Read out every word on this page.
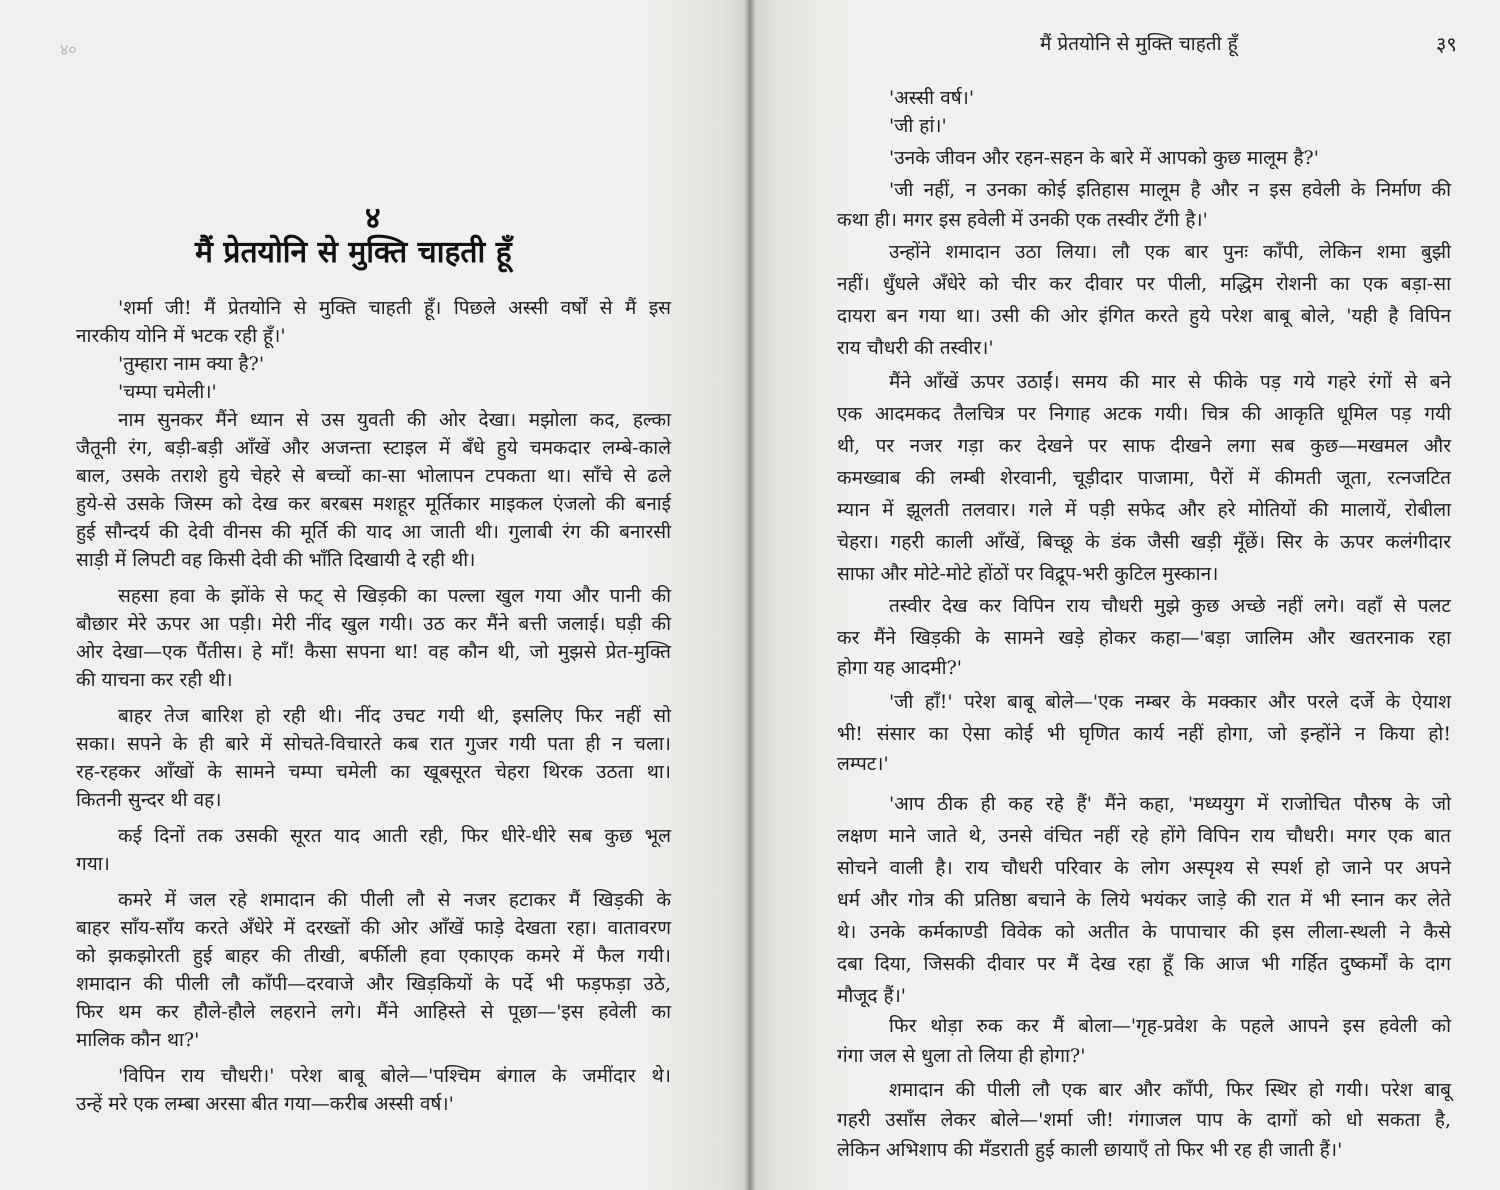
४०
४
मैं प्रेतयोनि से मुक्ति चाहती हूँ
'शर्मा जी! मैं प्रेतयोनि से मुक्ति चाहती हूँ। पिछले अस्सी वर्षों से मैं इस
नारकीय योनि में भटक रही हूँ।'
'तुम्हारा नाम क्या है?'
'चम्पा चमेली।'
नाम सुनकर मैंने ध्यान से उस युवती की ओर देखा। मझोला कद, हल्का
जैतूनी रंग, बड़ी-बड़ी आँखें और अजन्ता स्टाइल में बँधे हुये चमकदार लम्बे-काले
बाल, उसके तराशे हुये चेहरे से बच्चों का-सा भोलापन टपकता था। साँचे से ढले
हुये-से उसके जिस्म को देख कर बरबस मशहूर मूर्तिकार माइकल एंजलो की बनाई
हुई सौन्दर्य की देवी वीनस की मूर्ति की याद आ जाती थी। गुलाबी रंग की बनारसी
साड़ी में लिपटी वह किसी देवी की भाँति दिखायी दे रही थी।
सहसा हवा के झोंके से फट् से खिड़की का पल्ला खुल गया और पानी की
बौछार मेरे ऊपर आ पड़ी। मेरी नींद खुल गयी। उठ कर मैंने बत्ती जलाई। घड़ी की
ओर देखा—एक पैंतीस। हे माँ! कैसा सपना था! वह कौन थी, जो मुझसे प्रेत-मुक्ति
की याचना कर रही थी।
बाहर तेज बारिश हो रही थी। नींद उचट गयी थी, इसलिए फिर नहीं सो
सका। सपने के ही बारे में सोचते-विचारते कब रात गुजर गयी पता ही न चला।
रह-रहकर आँखों के सामने चम्पा चमेली का खूबसूरत चेहरा थिरक उठता था।
कितनी सुन्दर थी वह।
कई दिनों तक उसकी सूरत याद आती रही, फिर धीरे-धीरे सब कुछ भूल
गया।
कमरे में जल रहे शमादान की पीली लौ से नजर हटाकर मैं खिड़की के
बाहर साँय-साँय करते अँधेरे में दरख्तों की ओर आँखें फाड़े देखता रहा। वातावरण
को झकझोरती हुई बाहर की तीखी, बर्फीली हवा एकाएक कमरे में फैल गयी।
शमादान की पीली लौ काँपी—दरवाजे और खिड़कियों के पर्दे भी फड़फड़ा उठे,
फिर थम कर हौले-हौले लहराने लगे। मैंने आहिस्ते से पूछा—'इस हवेली का
मालिक कौन था?'
'विपिन राय चौधरी।' परेश बाबू बोले—'पश्चिम बंगाल के जमींदार थे।
उन्हें मरे एक लम्बा अरसा बीत गया—करीब अस्सी वर्ष।'
मैं प्रेतयोनि से मुक्ति चाहती हूँ	३९
'अस्सी वर्ष।'
'जी हां।'
'उनके जीवन और रहन-सहन के बारे में आपको कुछ मालूम है?'
'जी नहीं, न उनका कोई इतिहास मालूम है और न इस हवेली के निर्माण की
कथा ही। मगर इस हवेली में उनकी एक तस्वीर टँगी है।'
उन्होंने शमादान उठा लिया। लौ एक बार पुनः काँपी, लेकिन शमा बुझी
नहीं। धुँधले अँधेरे को चीर कर दीवार पर पीली, मद्धिम रोशनी का एक बड़ा-सा
दायरा बन गया था। उसी की ओर इंगित करते हुये परेश बाबू बोले, 'यही है विपिन
राय चौधरी की तस्वीर।'
मैंने आँखें ऊपर उठाईं। समय की मार से फीके पड़ गये गहरे रंगों से बने
एक आदमकद तैलचित्र पर निगाह अटक गयी। चित्र की आकृति धूमिल पड़ गयी
थी, पर नजर गड़ा कर देखने पर साफ दीखने लगा सब कुछ—मखमल और
कमख्वाब की लम्बी शेरवानी, चूड़ीदार पाजामा, पैरों में कीमती जूता, रत्नजटित
म्यान में झूलती तलवार। गले में पड़ी सफेद और हरे मोतियों की मालायें, रोबीला
चेहरा। गहरी काली आँखें, बिच्छू के डंक जैसी खड़ी मूँछें। सिर के ऊपर कलंगीदार
साफा और मोटे-मोटे होंठों पर विद्रूप-भरी कुटिल मुस्कान।
तस्वीर देख कर विपिन राय चौधरी मुझे कुछ अच्छे नहीं लगे। वहाँ से पलट
कर मैंने खिड़की के सामने खड़े होकर कहा—'बड़ा जालिम और खतरनाक रहा
होगा यह आदमी?'
'जी हाँ!' परेश बाबू बोले—'एक नम्बर के मक्कार और परले दर्जे के ऐयाश
भी! संसार का ऐसा कोई भी घृणित कार्य नहीं होगा, जो इन्होंने न किया हो!
लम्पट।'
'आप ठीक ही कह रहे हैं' मैंने कहा, 'मध्ययुग में राजोचित पौरुष के जो
लक्षण माने जाते थे, उनसे वंचित नहीं रहे होंगे विपिन राय चौधरी। मगर एक बात
सोचने वाली है। राय चौधरी परिवार के लोग अस्पृश्य से स्पर्श हो जाने पर अपने
धर्म और गोत्र की प्रतिष्ठा बचाने के लिये भयंकर जाड़े की रात में भी स्नान कर लेते
थे। उनके कर्मकाण्डी विवेक को अतीत के पापाचार की इस लीला-स्थली ने कैसे
दबा दिया, जिसकी दीवार पर मैं देख रहा हूँ कि आज भी गर्हित दुष्कर्मों के दाग
मौजूद हैं।'
फिर थोड़ा रुक कर मैं बोला—'गृह-प्रवेश के पहले आपने इस हवेली को
गंगा जल से धुला तो लिया ही होगा?'
शमादान की पीली लौ एक बार और काँपी, फिर स्थिर हो गयी। परेश बाबू
गहरी उसाँस लेकर बोले—'शर्मा जी! गंगाजल पाप के दागों को धो सकता है,
लेकिन अभिशाप की मँडराती हुई काली छायाएँ तो फिर भी रह ही जाती हैं।'
